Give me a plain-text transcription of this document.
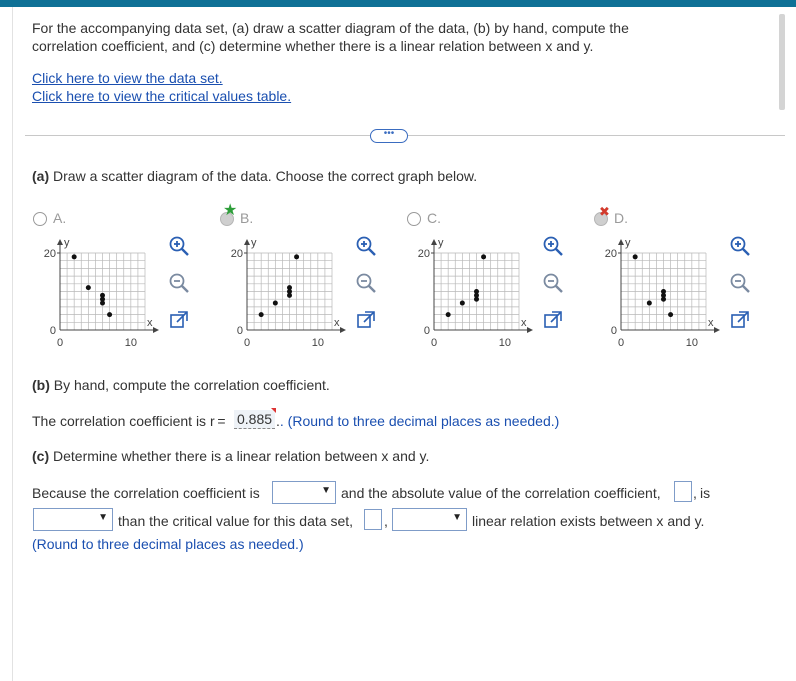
For the accompanying data set, (a) draw a scatter diagram of the data, (b) by hand, compute the
correlation coefficient, and (c) determine whether there is a linear relation between x and y.
Click here to view the data set.
Click here to view the critical values table.
•••
(a) Draw a scatter diagram of the data. Choose the correct graph below.
A.
y
x
20
0
0	10
★ B.
y
x
20
0
0	10
C.
y
x
20
0
0	10
✖ D.
y
x
20
0
0	10
(b) By hand, compute the correlation coefficient.
The correlation coefficient is r = 0.885 .. (Round to three decimal places as needed.)
(c) Determine whether there is a linear relation between x and y.
Because the correlation coefficient is	▼ and the absolute value of the correlation coefficient, , is
▼ than the critical value for this data set, ,	▼ linear relation exists between x and y.
(Round to three decimal places as needed.)
